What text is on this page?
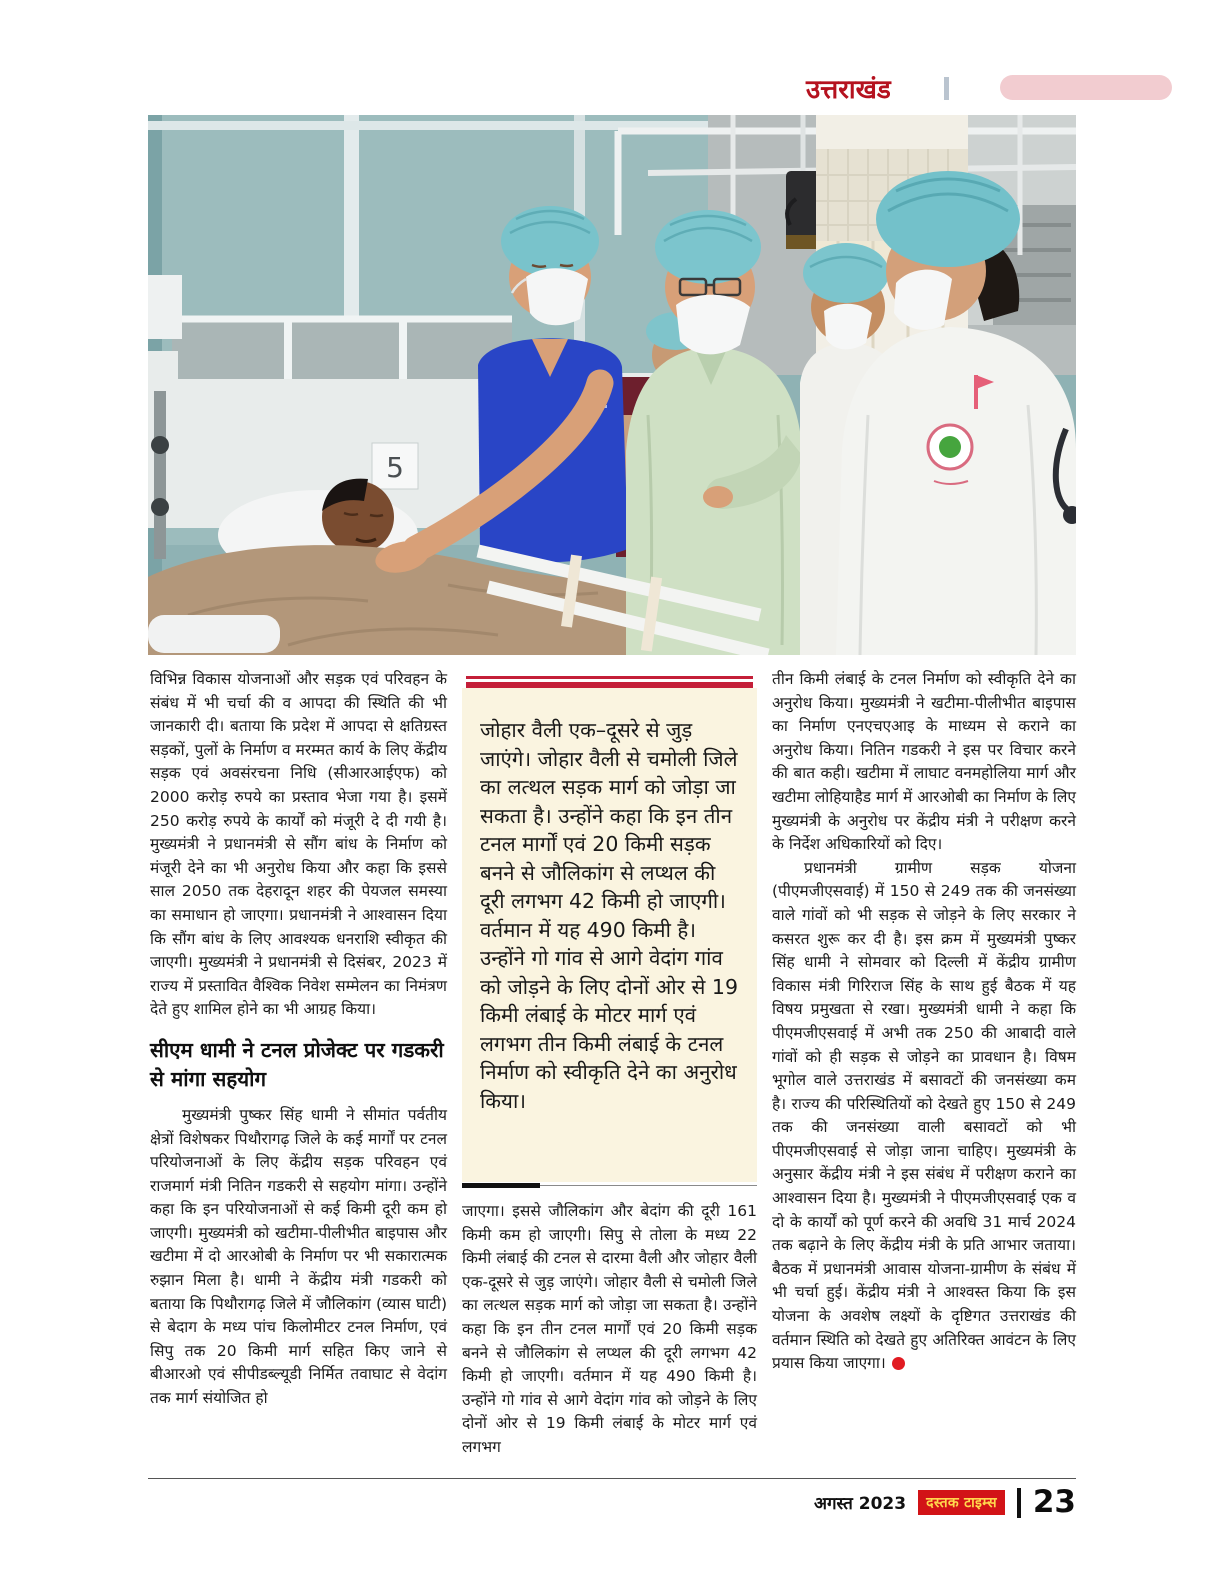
उत्तराखंड
5
विभिन्न विकास योजनाओं और सड़क एवं परिवहन के संबंध में भी चर्चा की व आपदा की स्थिति की भी जानकारी दी। बताया कि प्रदेश में आपदा से क्षतिग्रस्त सड़कों, पुलों के निर्माण व मरम्मत कार्य के लिए केंद्रीय सड़क एवं अवसंरचना निधि (सीआरआईएफ) को 2000 करोड़ रुपये का प्रस्ताव भेजा गया है। इसमें 250 करोड़ रुपये के कार्यों को मंजूरी दे दी गयी है। मुख्यमंत्री ने प्रधानमंत्री से सौंग बांध के निर्माण को मंजूरी देने का भी अनुरोध किया और कहा कि इससे साल 2050 तक देहरादून शहर की पेयजल समस्या का समाधान हो जाएगा। प्रधानमंत्री ने आश्वासन दिया कि सौंग बांध के लिए आवश्यक धनराशि स्वीकृत की जाएगी। मुख्यमंत्री ने प्रधानमंत्री से दिसंबर, 2023 में राज्य में प्रस्तावित वैश्विक निवेश सम्मेलन का निमंत्रण देते हुए शामिल होने का भी आग्रह किया।
सीएम धामी ने टनल प्रोजेक्ट पर गडकरी से मांगा सहयोग
मुख्यमंत्री पुष्कर सिंह धामी ने सीमांत पर्वतीय क्षेत्रों विशेषकर पिथौरागढ़ जिले के कई मार्गों पर टनल परियोजनाओं के लिए केंद्रीय सड़क परिवहन एवं राजमार्ग मंत्री नितिन गडकरी से सहयोग मांगा। उन्होंने कहा कि इन परियोजनाओं से कई किमी दूरी कम हो जाएगी। मुख्यमंत्री को खटीमा-पीलीभीत बाइपास और खटीमा में दो आरओबी के निर्माण पर भी सकारात्मक रुझान मिला है। धामी ने केंद्रीय मंत्री गडकरी को बताया कि पिथौरागढ़ जिले में जौलिकांग (व्यास घाटी) से बेदाग के मध्य पांच किलोमीटर टनल निर्माण, एवं सिपु तक 20 किमी मार्ग सहित किए जाने से बीआरओ एवं सीपीडब्ल्यूडी निर्मित तवाघाट से वेदांग तक मार्ग संयोजित हो
जोहार वैली एक–दूसरे से जुड़ जाएंगे। जोहार वैली से चमोली जिले का लत्थल सड़क मार्ग को जोड़ा जा सकता है। उन्होंने कहा कि इन तीन टनल मार्गों एवं 20 किमी सड़क बनने से जौलिकांग से लप्थल की दूरी लगभग 42 किमी हो जाएगी। वर्तमान में यह 490 किमी है। उन्होंने गो गांव से आगे वेदांग गांव को जोड़ने के लिए दोनों ओर से 19 किमी लंबाई के मोटर मार्ग एवं लगभग तीन किमी लंबाई के टनल निर्माण को स्वीकृति देने का अनुरोध किया।
जाएगा। इससे जौलिकांग और बेदांग की दूरी 161 किमी कम हो जाएगी। सिपु से तोला के मध्य 22 किमी लंबाई की टनल से दारमा वैली और जोहार वैली एक-दूसरे से जुड़ जाएंगे। जोहार वैली से चमोली जिले का लत्थल सड़क मार्ग को जोड़ा जा सकता है। उन्होंने कहा कि इन तीन टनल मार्गों एवं 20 किमी सड़क बनने से जौलिकांग से लप्थल की दूरी लगभग 42 किमी हो जाएगी। वर्तमान में यह 490 किमी है। उन्होंने गो गांव से आगे वेदांग गांव को जोड़ने के लिए दोनों ओर से 19 किमी लंबाई के मोटर मार्ग एवं लगभग
तीन किमी लंबाई के टनल निर्माण को स्वीकृति देने का अनुरोध किया। मुख्यमंत्री ने खटीमा-पीलीभीत बाइपास का निर्माण एनएचएआइ के माध्यम से कराने का अनुरोध किया। नितिन गडकरी ने इस पर विचार करने की बात कही। खटीमा में लाघाट वनमहोलिया मार्ग और खटीमा लोहियाहैड मार्ग में आरओबी का निर्माण के लिए मुख्यमंत्री के अनुरोध पर केंद्रीय मंत्री ने परीक्षण करने के निर्देश अधिकारियों को दिए।
प्रधानमंत्री ग्रामीण सड़क योजना (पीएमजीएसवाई) में 150 से 249 तक की जनसंख्या वाले गांवों को भी सड़क से जोड़ने के लिए सरकार ने कसरत शुरू कर दी है। इस क्रम में मुख्यमंत्री पुष्कर सिंह धामी ने सोमवार को दिल्ली में केंद्रीय ग्रामीण विकास मंत्री गिरिराज सिंह के साथ हुई बैठक में यह विषय प्रमुखता से रखा। मुख्यमंत्री धामी ने कहा कि पीएमजीएसवाई में अभी तक 250 की आबादी वाले गांवों को ही सड़क से जोड़ने का प्रावधान है। विषम भूगोल वाले उत्तराखंड में बसावटों की जनसंख्या कम है। राज्य की परिस्थितियों को देखते हुए 150 से 249 तक की जनसंख्या वाली बसावटों को भी पीएमजीएसवाई से जोड़ा जाना चाहिए। मुख्यमंत्री के अनुसार केंद्रीय मंत्री ने इस संबंध में परीक्षण कराने का आश्वासन दिया है। मुख्यमंत्री ने पीएमजीएसवाई एक व दो के कार्यों को पूर्ण करने की अवधि 31 मार्च 2024 तक बढ़ाने के लिए केंद्रीय मंत्री के प्रति आभार जताया। बैठक में प्रधानमंत्री आवास योजना-ग्रामीण के संबंध में भी चर्चा हुई। केंद्रीय मंत्री ने आश्वस्त किया कि इस योजना के अवशेष लक्ष्यों के दृष्टिगत उत्तराखंड की वर्तमान स्थिति को देखते हुए अतिरिक्त आवंटन के लिए प्रयास किया जाएगा।
अगस्त 2023	दस्तक टाइम्स 23
